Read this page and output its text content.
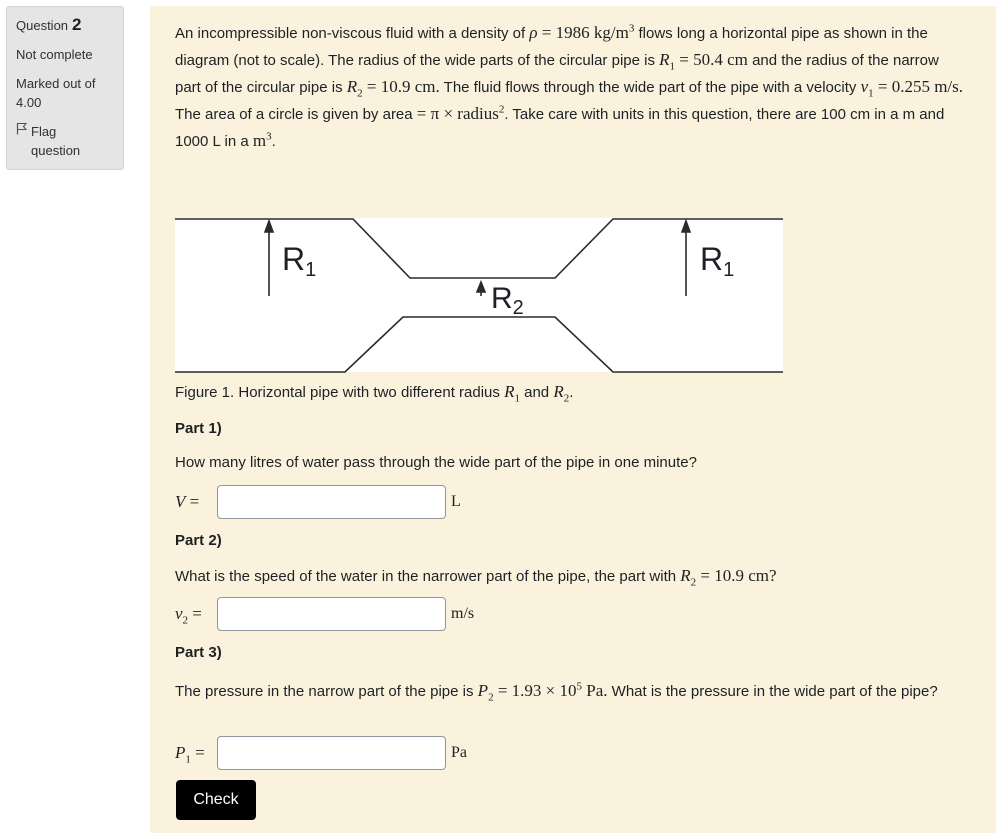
Question 2
Not complete
Marked out of 4.00
Flag question
An incompressible non-viscous fluid with a density of ρ = 1986 $kg/m^3$ flows long a horizontal pipe as shown in the diagram (not to scale). The radius of the wide parts of the circular pipe is $R_1 = 50.4$ cm and the radius of the narrow part of the circular pipe is $R_2 = 10.9$ cm. The fluid flows through the wide part of the pipe with a velocity $v_1 = 0.255$ m/s. The area of a circle is given by area = π × radius$^2$. Take care with units in this question, there are 100 cm in a m and 1000 L in a $m^3$.
R1	R1
$R_2$
Figure 1. Horizontal pipe with two different radius $R_1$ and $R_2$.
Part 1)
How many litres of water pass through the wide part of the pipe in one minute?
V =	L
Part 2)
What is the speed of the water in the narrower part of the pipe, the part with $R_2 = 10.9$ cm?
$v_2$ =	m/s
Part 3)
The pressure in the narrow part of the pipe is $P_2 = 1.93 \times 10^5$ Pa. What is the pressure in the wide part of the pipe?
$P_1$ =	Pa
Check
